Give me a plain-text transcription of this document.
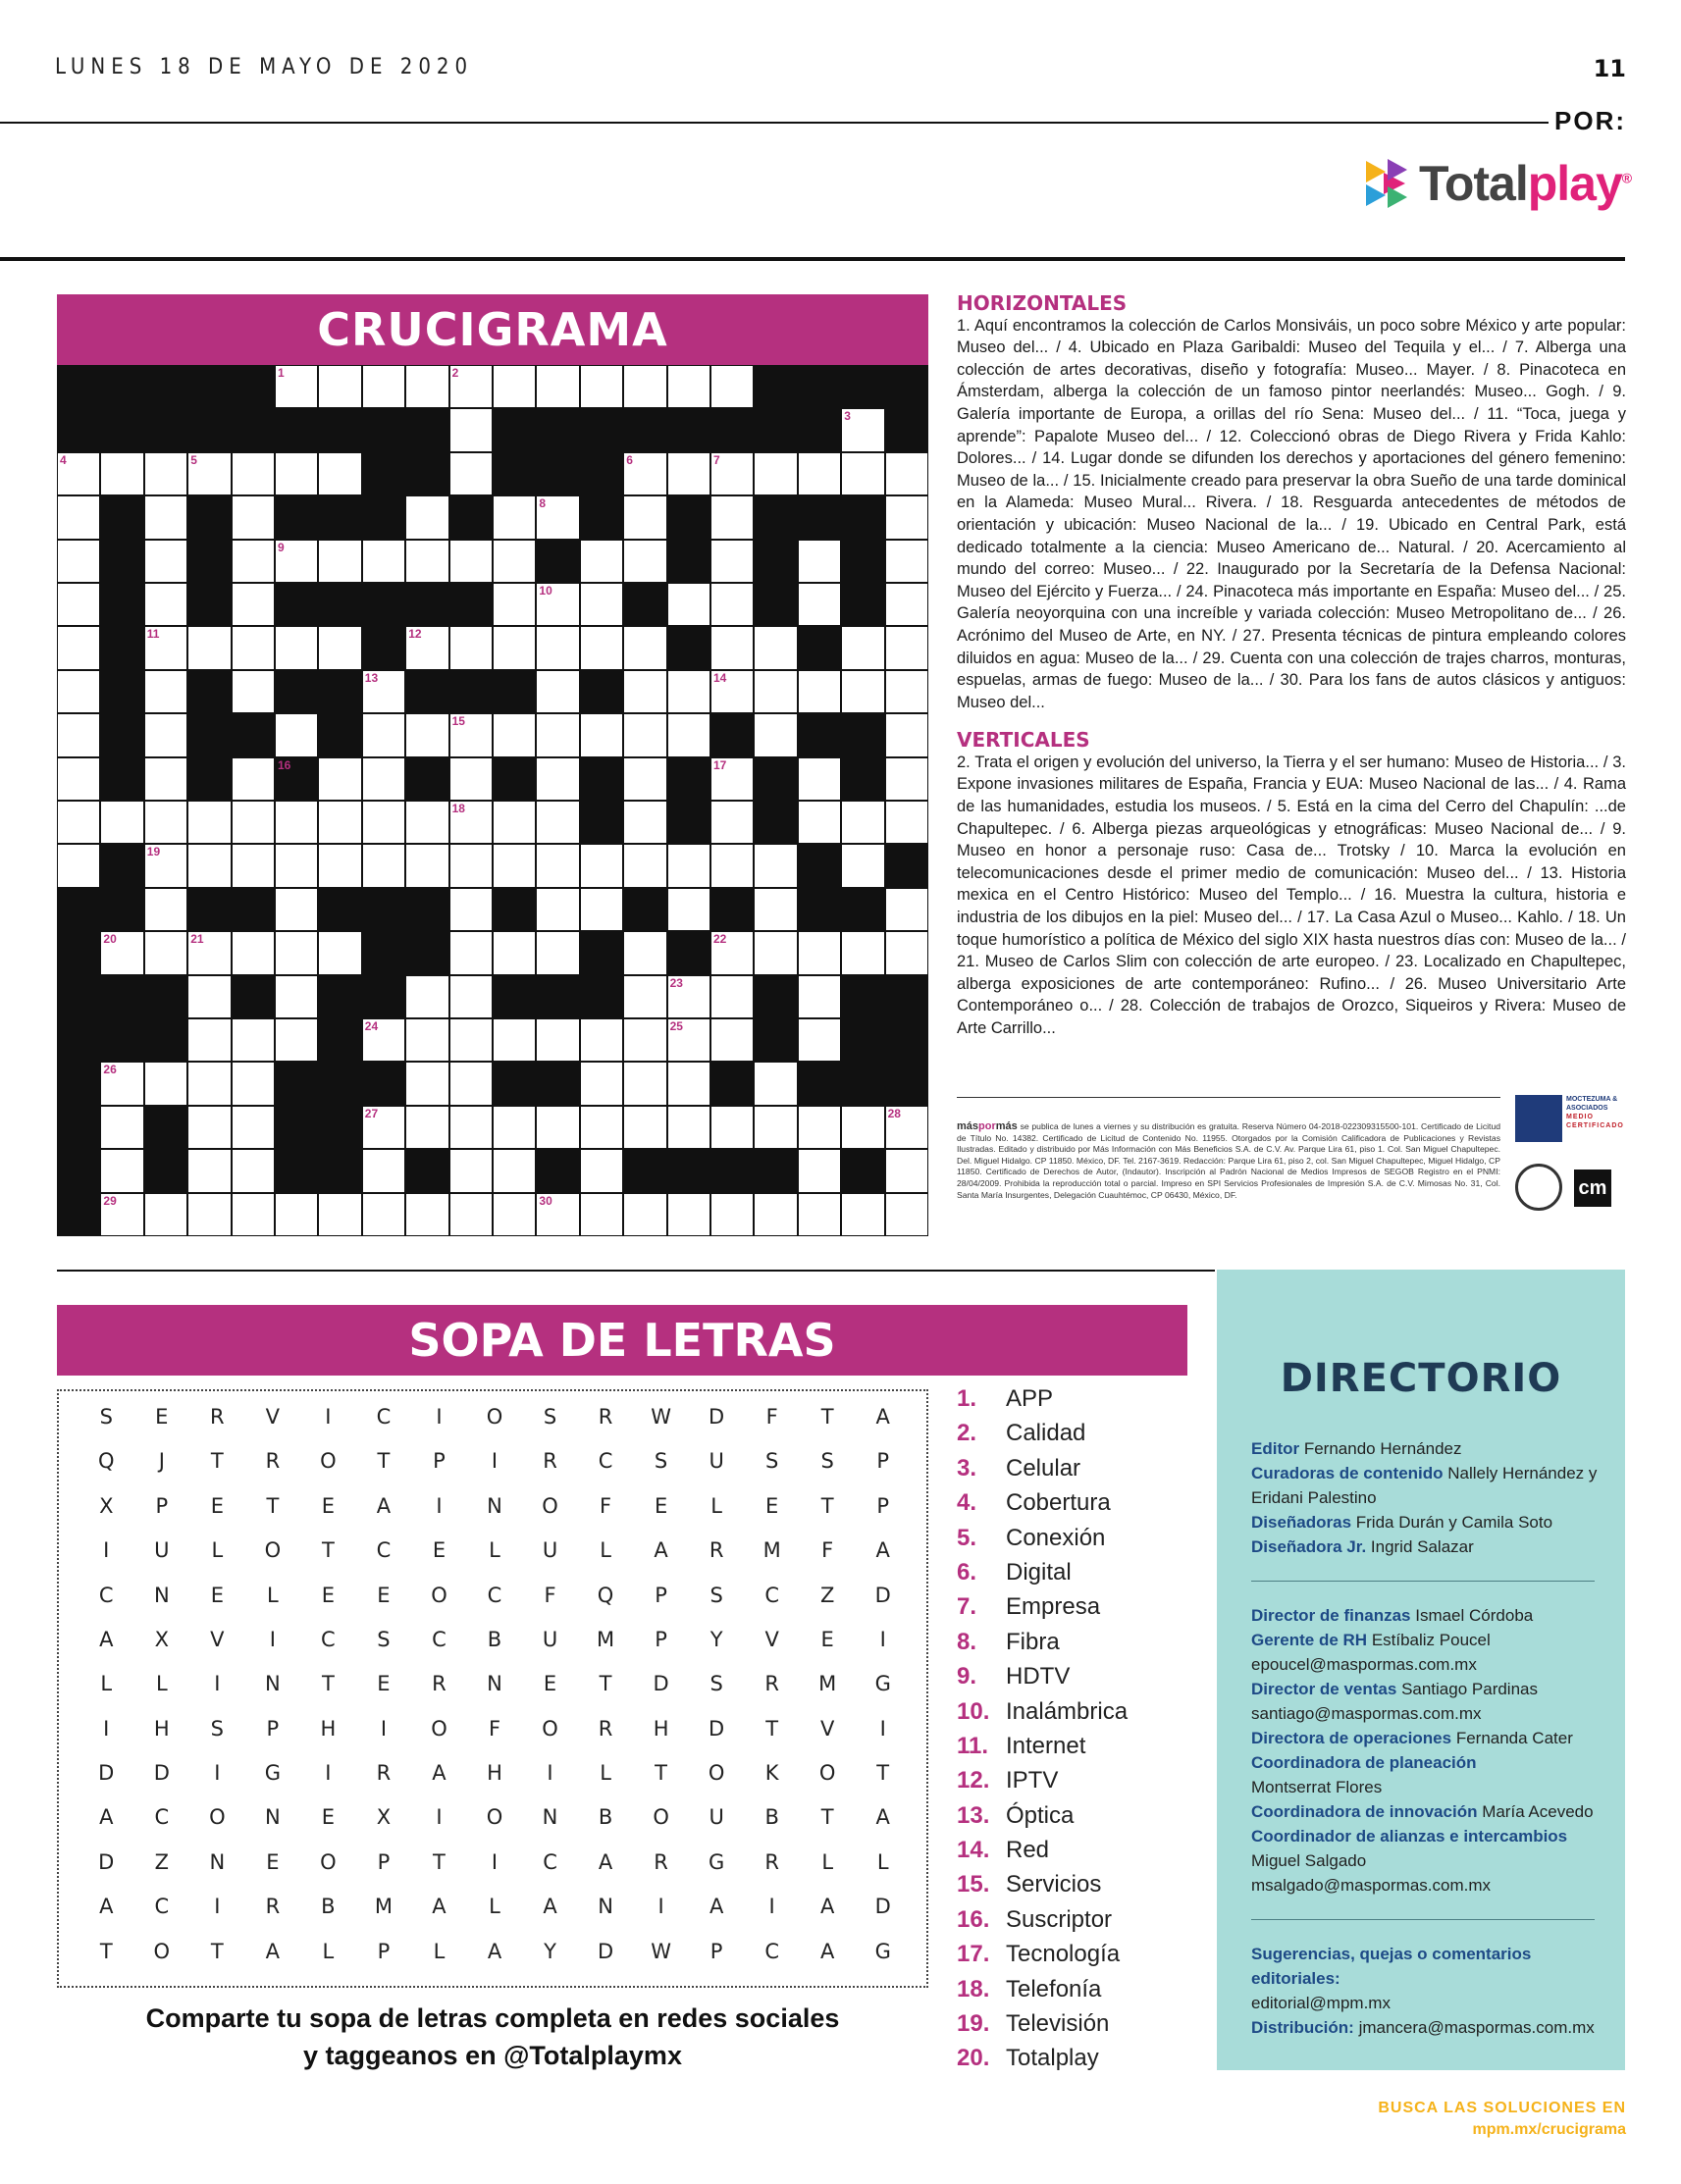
LUNES 18 DE MAYO DE 2020	11
POR:
Totalplay®
CRUCIGRAMA
1	2
3
4	5	6	7
8
9
10
11	12
13	14
15
16	17
18
19
20	21	22
23
24	25
26
27	28
29	30
HORIZONTALES

1. Aquí encontramos la colección de Carlos Monsiváis, un poco sobre México y arte popular: Museo del... / 4. Ubicado en Plaza Garibaldi: Museo del Tequila y el... / 7. Alberga una colección de artes decorativas, diseño y fotografía: Museo... Mayer. / 8. Pinacoteca en Ámsterdam, alberga la colección de un famoso pintor neerlandés: Museo... Gogh. / 9. Galería importante de Europa, a orillas del río Sena: Museo del... / 11. “Toca, juega y aprende”: Papalote Museo del... / 12. Coleccionó obras de Diego Rivera y Frida Kahlo: Dolores... / 14. Lugar donde se difunden los derechos y aportaciones del género femenino: Museo de la... / 15. Inicialmente creado para preservar la obra Sueño de una tarde dominical en la Alameda: Museo Mural... Rivera. / 18. Resguarda antecedentes de métodos de orientación y ubicación: Museo Nacional de la... / 19. Ubicado en Central Park, está dedicado totalmente a la ciencia: Museo Americano de... Natural. / 20. Acercamiento al mundo del correo: Museo... / 22. Inaugurado por la Secretaría de la Defensa Nacional: Museo del Ejército y Fuerza... / 24. Pinacoteca más importante en España: Museo del... / 25. Galería neoyorquina con una increíble y variada colección: Museo Metropolitano de... / 26. Acrónimo del Museo de Arte, en NY. / 27. Presenta técnicas de pintura empleando colores diluidos en agua: Museo de la... / 29. Cuenta con una colección de trajes charros, monturas, espuelas, armas de fuego: Museo de la... / 30. Para los fans de autos clásicos y antiguos: Museo del...

VERTICALES

2. Trata el origen y evolución del universo, la Tierra y el ser humano: Museo de Historia... / 3. Expone invasiones militares de España, Francia y EUA: Museo Nacional de las... / 4. Rama de las humanidades, estudia los museos. / 5. Está en la cima del Cerro del Chapulín: ...de Chapultepec. / 6. Alberga piezas arqueológicas y etnográficas: Museo Nacional de... / 9. Museo en honor a personaje ruso: Casa de... Trotsky / 10. Marca la evolución en telecomunicaciones desde el primer medio de comunicación: Museo del... / 13. Historia mexica en el Centro Histórico: Museo del Templo... / 16. Muestra la cultura, historia e industria de los dibujos en la piel: Museo del... / 17. La Casa Azul o Museo... Kahlo. / 18. Un toque humorístico a política de México del siglo XIX hasta nuestros días con: Museo de la... / 21. Museo de Carlos Slim con colección de arte europeo. / 23. Localizado en Chapultepec, alberga exposiciones de arte contemporáneo: Rufino... / 26. Museo Universitario Arte Contemporáneo o... / 28. Colección de trabajos de Orozco, Siqueiros y Rivera: Museo de Arte Carrillo...

máspormás se publica de lunes a viernes y su distribución es gratuita. Reserva Número 04-2018-022309315500-101. Certificado de Licitud de Título No. 14382. Certificado de Licitud de Contenido No. 11955. Otorgados por la Comisión Calificadora de Publicaciones y Revistas Ilustradas. Editado y distribuido por Más Información con Más Beneficios S.A. de C.V. Av. Parque Lira 61, piso 1. Col. San Miguel Chapultepec. Del. Miguel Hidalgo. CP 11850. México, DF. Tel. 2167-3619. Redacción: Parque Lira 61, piso 2, col. San Miguel Chapultepec, Miguel Hidalgo, CP 11850. Certificado de Derechos de Autor, (Indautor). Inscripción al Padrón Nacional de Medios Impresos de SEGOB Registro en el PNMI: 28/04/2009. Prohibida la reproducción total o parcial. Impreso en SPI Servicios Profesionales de Impresión S.A. de C.V. Mimosas No. 31, Col. Santa María Insurgentes, Delegación Cuauhtémoc, CP 06430, México, DF.
MOCTEZUMA & ASOCIADOS
MEDIO CERTIFICADO
cm
SOPA DE LETRAS
S	E	R	V	I	C	I	O	S	R	W	D	F	T	A
Q	J	T	R	O	T	P	I	R	C	S	U	S	S	P
X	P	E	T	E	A	I	N	O	F	E	L	E	T	P
I	U	L	O	T	C	E	L	U	L	A	R	M	F	A
C	N	E	L	E	E	O	C	F	Q	P	S	C	Z	D
A	X	V	I	C	S	C	B	U	M	P	Y	V	E	I
L	L	I	N	T	E	R	N	E	T	D	S	R	M	G
I	H	S	P	H	I	O	F	O	R	H	D	T	V	I
D	D	I	G	I	R	A	H	I	L	T	O	K	O	T
A	C	O	N	E	X	I	O	N	B	O	U	B	T	A
D	Z	N	E	O	P	T	I	C	A	R	G	R	L	L
A	C	I	R	B	M	A	L	A	N	I	A	I	A	D
T	O	T	A	L	P	L	A	Y	D	W	P	C	A	G
Comparte tu sopa de letras completa en redes sociales
y taggeanos en @Totalplaymx
1. APP
2. Calidad
3. Celular
4. Cobertura
5. Conexión
6. Digital
7. Empresa
8. Fibra
9. HDTV
10. Inalámbrica
11. Internet
12. IPTV
13. Óptica
14. Red
15. Servicios
16. Suscriptor
17. Tecnología
18. Telefonía
19. Televisión
20. Totalplay
DIRECTORIO
Editor Fernando Hernández
Curadoras de contenido Nallely Hernández y Eridani Palestino
Diseñadoras Frida Durán y Camila Soto
Diseñadora Jr. Ingrid Salazar
Director de finanzas Ismael Córdoba
Gerente de RH Estíbaliz Poucel
epoucel@maspormas.com.mx
Director de ventas Santiago Pardinas
santiago@maspormas.com.mx
Directora de operaciones Fernanda Cater
Coordinadora de planeación
Montserrat Flores
Coordinadora de innovación María Acevedo
Coordinador de alianzas e intercambios
Miguel Salgado msalgado@maspormas.com.mx
Sugerencias, quejas o comentarios editoriales:
editorial@mpm.mx
Distribución: jmancera@maspormas.com.mx
BUSCA LAS SOLUCIONES EN
mpm.mx/crucigrama
